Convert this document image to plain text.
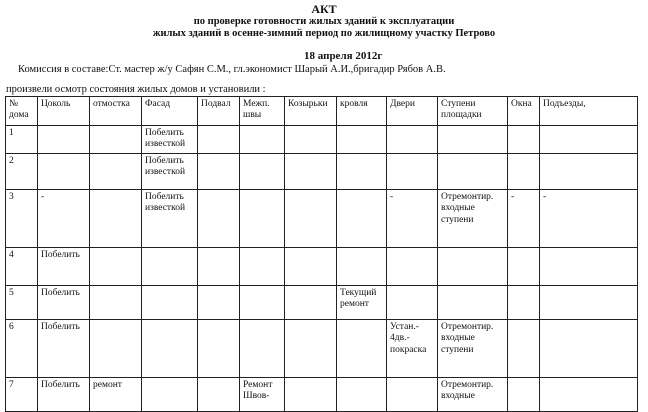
АКТ
по проверке готовности жилых зданий к эксплуатации
жилых зданий в осенне-зимний период по жилищному участку Петрово
18 апреля 2012г
Комиссия в составе:Ст. мастер ж/у Сафян С.М., гл.экономист Шарый А.И.,бригадир Рябов А.В.
произвели осмотр состояния жилых домов и установили :
№ дома	Цоколь	отмостка	Фасад	Подвал	Межп. швы	Козырьки	кровля	Двери	Ступени площадки	Окна	Подъезды,
1			Побелить известкой								
2			Побелить известкой								
3	-		Побелить известкой					-	Отремонтир. входные ступени	-	-
4	Побелить										
5	Побелить						Текущий ремонт				
6	Побелить							Устан.- 4дв.- покраска	Отремонтир. входные ступени		
7	Побелить	ремонт			Ремонт Швов-				Отремонтир. входные		
